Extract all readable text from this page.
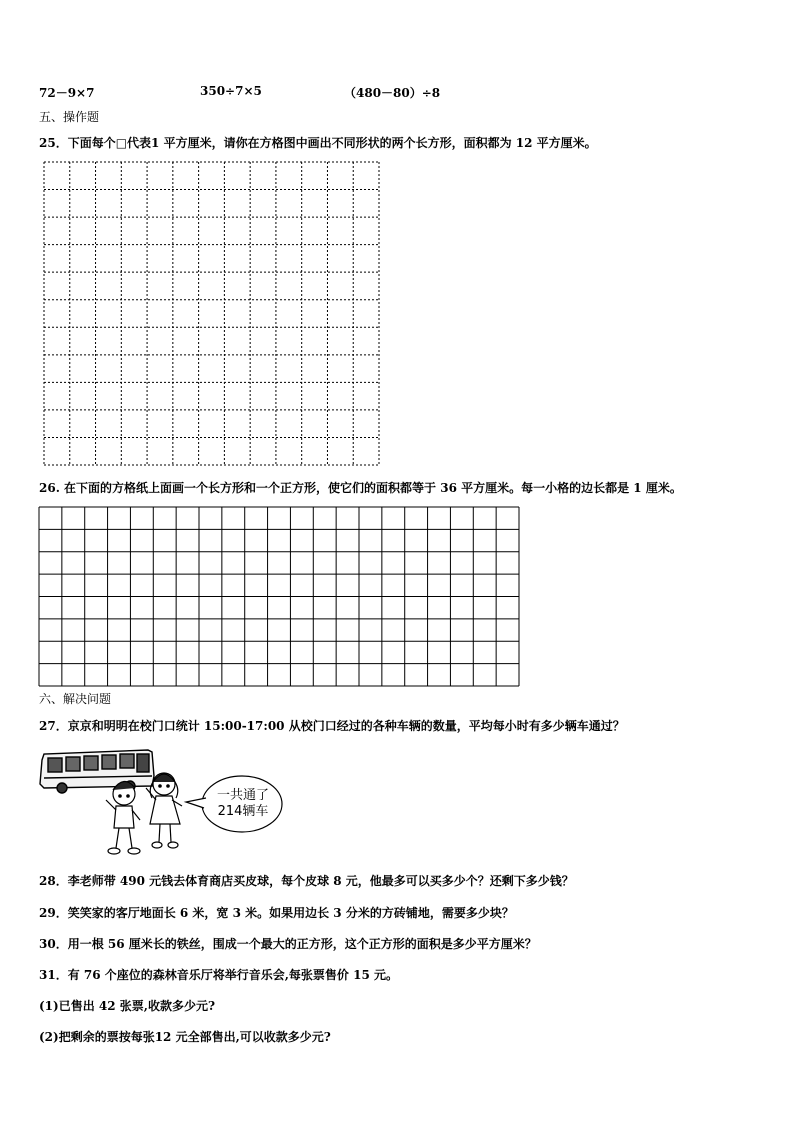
72－9×7	350÷7×5	（480－80）÷8
五、操作题
25．下面每个□代表1 平方厘米，请你在方格图中画出不同形状的两个长方形，面积都为 12 平方厘米。
26. 在下面的方格纸上面画一个长方形和一个正方形，使它们的面积都等于 36 平方厘米。每一小格的边长都是 1 厘米。
六、解决问题
27．京京和明明在校门口统计 15:00-17:00 从校门口经过的各种车辆的数量，平均每小时有多少辆车通过？
一共通了
214辆车
28．李老师带 490 元钱去体育商店买皮球，每个皮球 8 元，他最多可以买多少个？还剩下多少钱？
29．笑笑家的客厅地面长 6 米，宽 3 米。如果用边长 3 分米的方砖铺地，需要多少块？
30．用一根 56 厘米长的铁丝，围成一个最大的正方形，这个正方形的面积是多少平方厘米？
31．有 76 个座位的森林音乐厅将举行音乐会,每张票售价 15 元。
(1)已售出 42 张票,收款多少元?
(2)把剩余的票按每张12 元全部售出,可以收款多少元?
